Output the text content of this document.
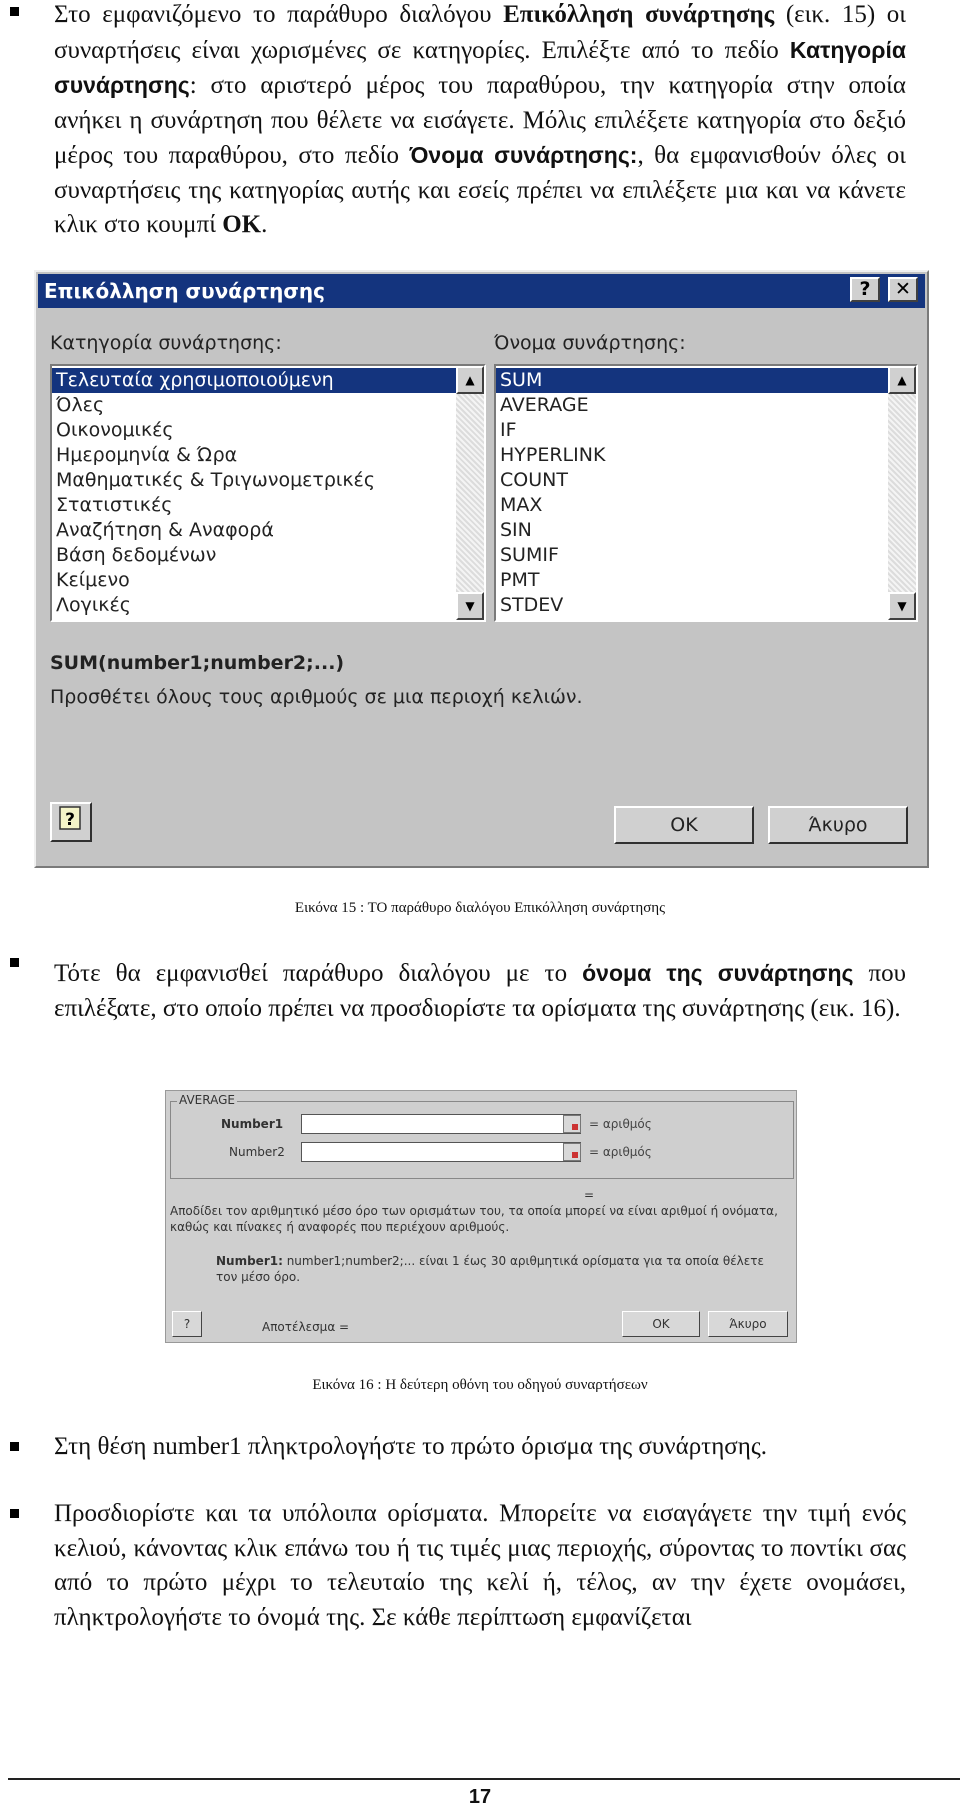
Στο εμφανιζόμενο το παράθυρο διαλόγου Επικόλληση συνάρτησης (εικ. 15) οι συναρτήσεις είναι χωρισμένες σε κατηγορίες. Επιλέξτε από το πεδίο Κατηγορία συνάρτησης: στο αριστερό μέρος του παραθύρου, την κατηγορία στην οποία ανήκει η συνάρτηση που θέλετε να εισάγετε. Μόλις επιλέξετε κατηγορία στο δεξιό μέρος του παραθύρου, στο πεδίο Όνομα συνάρτησης:, θα εμφανισθούν όλες οι συναρτήσεις της κατηγορίας αυτής και εσείς πρέπει να επιλέξετε μια και να κάνετε κλικ στο κουμπί ΟΚ.

Επικόλληση συνάρτησης	?	✕
Κατηγορία συνάρτησης:	Όνομα συνάρτησης:
Τελευταία χρησιμοποιούμενη
Όλες
Οικονομικές
Ημερομηνία & Ώρα
Μαθηματικές & Τριγωνομετρικές
Στατιστικές
Αναζήτηση & Αναφορά
Βάση δεδομένων
Κείμενο
Λογικές
▲
▼
SUM
AVERAGE
IF
HYPERLINK
COUNT
MAX
SIN
SUMIF
PMT
STDEV
▲
▼
SUM(number1;number2;...)
Προσθέτει όλους τους αριθμούς σε μια περιοχή κελιών.
?	OK	Άκυρο
Εικόνα 15 : ΤΟ παράθυρο διαλόγου Επικόλληση συνάρτησης

Τότε θα εμφανισθεί παράθυρο διαλόγου με το όνομα της συνάρτησης που επιλέξατε, στο οποίο πρέπει να προσδιορίστε τα ορίσματα της συνάρτησης (εικ. 16).

AVERAGE
Number1	= αριθμός
Number2	= αριθμός
=
Αποδίδει τον αριθμητικό μέσο όρο των ορισμάτων του, τα οποία μπορεί να είναι αριθμοί ή ονόματα, καθώς και πίνακες ή αναφορές που περιέχουν αριθμούς.
Number1: number1;number2;... είναι 1 έως 30 αριθμητικά ορίσματα για τα οποία θέλετε τον μέσο όρο.
?	Αποτέλεσμα =	OK	Άκυρο
Εικόνα 16 : Η δεύτερη οθόνη του οδηγού συναρτήσεων

Στη θέση number1 πληκτρολογήστε το πρώτο όρισμα της συνάρτησης.

Προσδιορίστε και τα υπόλοιπα ορίσματα. Μπορείτε να εισαγάγετε την τιμή ενός κελιού, κάνοντας κλικ επάνω του ή τις τιμές μιας περιοχής, σύροντας το ποντίκι σας από το πρώτο μέχρι το τελευταίο της κελί ή, τέλος, αν την έχετε ονομάσει, πληκτρολογήστε το όνομά της. Σε κάθε περίπτωση εμφανίζεται

17
